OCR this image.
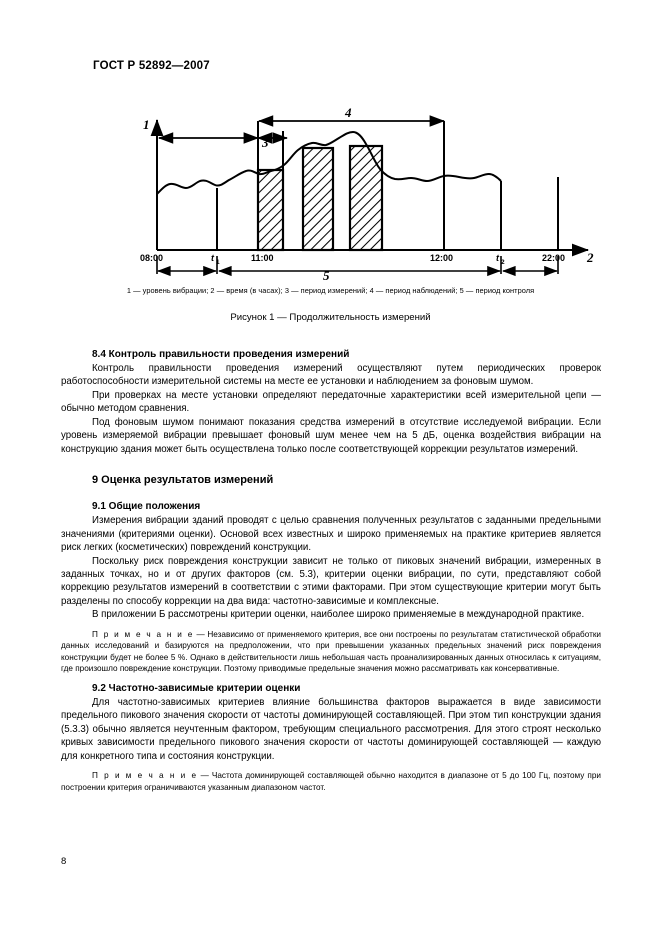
ГОСТ Р 52892—2007
08:00	t 1	11:00	12:00	t 2	22:00
1
2
3
4
5
1 — уровень вибрации; 2 — время (в часах); 3 — период измерений; 4 — период наблюдений; 5 — период контроля
Рисунок 1 — Продолжительность измерений
8.4 Контроль правильности проведения измерений

Контроль правильности проведения измерений осуществляют путем периодических проверок работоспособности измерительной системы на месте ее установки и наблюдением за фоновым шумом.

При проверках на месте установки определяют передаточные характеристики всей измерительной цепи — обычно методом сравнения.

Под фоновым шумом понимают показания средства измерений в отсутствие исследуемой вибрации. Если уровень измеряемой вибрации превышает фоновый шум менее чем на 5 дБ, оценка воздействия вибрации на конструкцию здания может быть осуществлена только после соответствующей коррекции результатов измерений.

9 Оценка результатов измерений
9.1 Общие положения

Измерения вибрации зданий проводят с целью сравнения полученных результатов с заданными предельными значениями (критериями оценки). Основой всех известных и широко применяемых на практике критериев является риск легких (косметических) повреждений конструкции.

Поскольку риск повреждения конструкции зависит не только от пиковых значений вибрации, измеренных в заданных точках, но и от других факторов (см. 5.3), критерии оценки вибрации, по сути, представляют собой коррекцию результатов измерений в соответствии с этими факторами. При этом существующие критерии могут быть разделены по способу коррекции на два вида: частотно-зависимые и комплексные.

В приложении Б рассмотрены критерии оценки, наиболее широко применяемые в международной практике.

П р и м е ч а н и е — Независимо от применяемого критерия, все они построены по результатам статистической обработки данных исследований и базируются на предположении, что при превышении указанных предельных значений риск повреждения конструкции будет не более 5 %. Однако в действительности лишь небольшая часть проанализированных данных относилась к ситуациям, где произошло повреждение конструкции. Поэтому приводимые предельные значения можно рассматривать как консервативные.

9.2 Частотно-зависимые критерии оценки

Для частотно-зависимых критериев влияние большинства факторов выражается в виде зависимости предельного пикового значения скорости от частоты доминирующей составляющей. При этом тип конструкции здания (5.3.3) обычно является неучтенным фактором, требующим специального рассмотрения. Для этого строят несколько кривых зависимости предельного пикового значения скорости от частоты доминирующей составляющей — каждую для конкретного типа и состояния конструкции.

П р и м е ч а н и е — Частота доминирующей составляющей обычно находится в диапазоне от 5 до 100 Гц, поэтому при построении критерия ограничиваются указанным диапазоном частот.

8
